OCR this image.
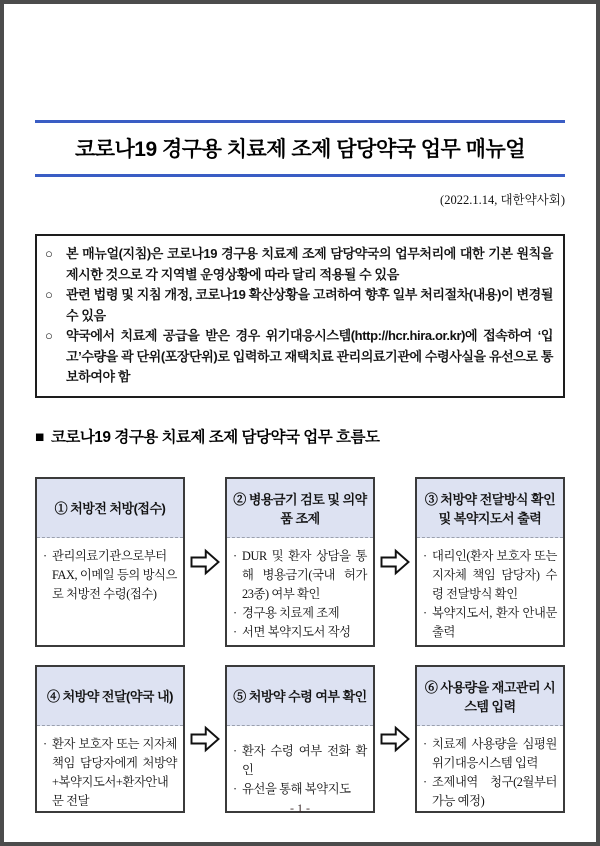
코로나19 경구용 치료제 조제 담당약국 업무 매뉴얼
(2022.1.14, 대한약사회)
○	본 매뉴얼(지침)은 코로나19 경구용 치료제 조제 담당약국의 업무처리에 대한 기본 원칙을 제시한 것으로 각 지역별 운영상황에 따라 달리 적용될 수 있음
○	관련 법령 및 지침 개정, 코로나19 확산상황을 고려하여 향후 일부 처리절차(내용)이 변경될 수 있음
○	약국에서 치료제 공급을 받은 경우 위기대응시스템(http://hcr.hira.or.kr)에 접속하여 ‘입고’수량을 곽 단위(포장단위)로 입력하고 재택치료 관리의료기관에 수령사실을 유선으로 통보하여야 함
■ 코로나19 경구용 치료제 조제 담당약국 업무 흐름도
① 처방전 처방(접수)
· 관리의료기관으로부터 FAX, 이메일 등의 방식으로 처방전 수령(접수)
② 병용금기 검토 및 의약품 조제
· DUR 및 환자 상담을 통해 병용금기(국내 허가 23종) 여부 확인
· 경구용 치료제 조제
· 서면 복약지도서 작성
③ 처방약 전달방식 확인 및 복약지도서 출력
· 대리인(환자 보호자 또는 지자체 책임 담당자) 수령 전달방식 확인
· 복약지도서, 환자 안내문 출력
④ 처방약 전달(약국 내)
· 환자 보호자 또는 지자체 책임 담당자에게 처방약+복약지도서+환자안내문 전달
⑤ 처방약 수령 여부 확인
· 환자 수령 여부 전화 확인
· 유선을 통해 복약지도
⑥ 사용량을 재고관리 시스템 입력
· 치료제 사용량을 심평원 위기대응시스템 입력
· 조제내역 청구(2월부터 가능 예정)
- 1 -
